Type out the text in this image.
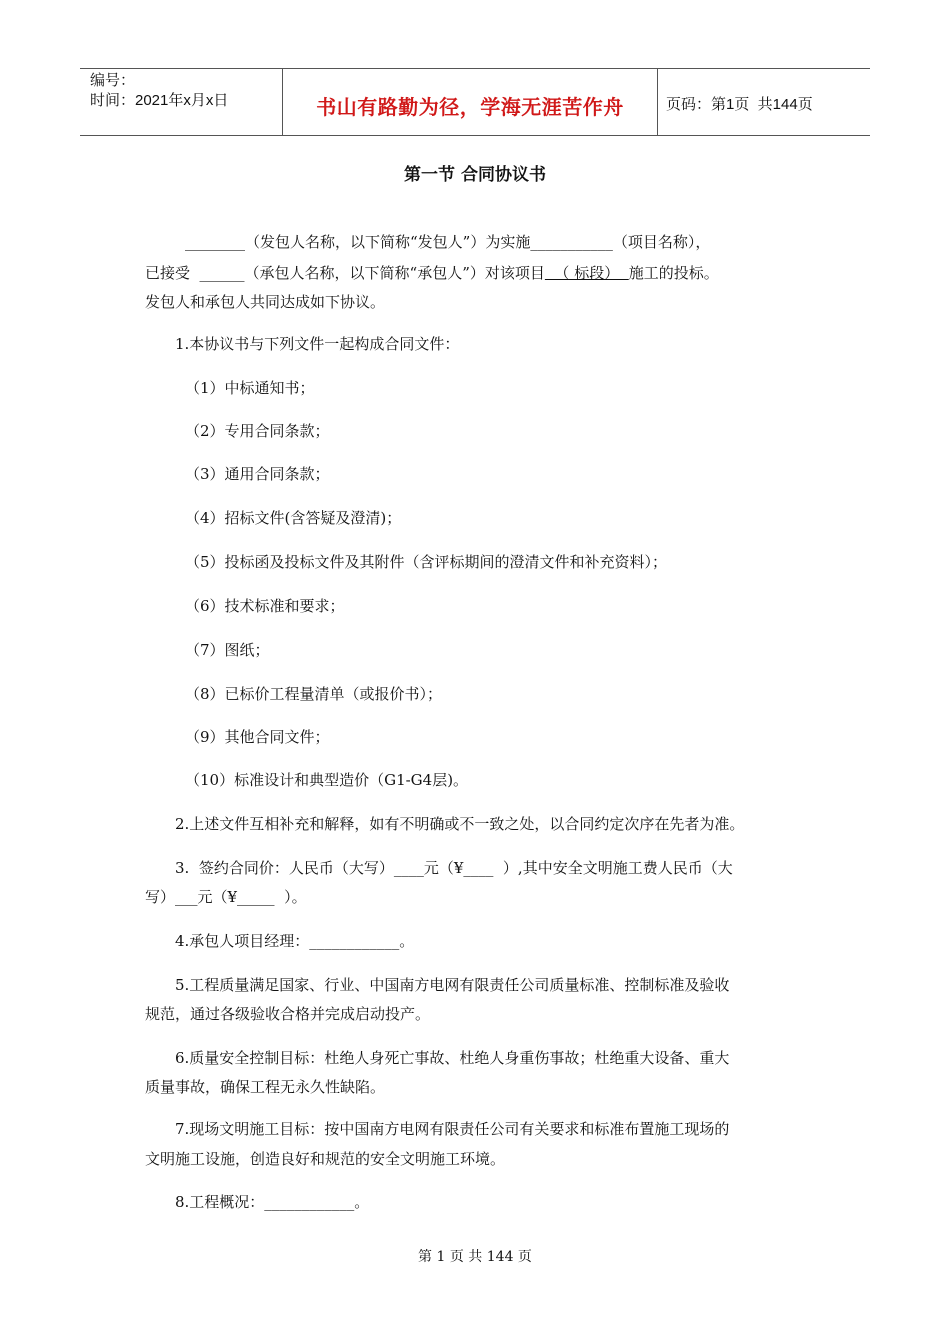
编号：
时间：2021年x月x日	书山有路勤为径，学海无涯苦作舟	页码：第1页  共144页
第一节 合同协议书
________（发包人名称，以下简称“发包人”）为实施___________（项目名称），
已接受  ______（承包人名称，以下简称“承包人”）对该项目  （ 标段）  施工的投标。
发包人和承包人共同达成如下协议。
1.本协议书与下列文件一起构成合同文件：
（1）中标通知书；
（2）专用合同条款；
（3）通用合同条款；
（4）招标文件(含答疑及澄清)；
（5）投标函及投标文件及其附件（含评标期间的澄清文件和补充资料）；
（6）技术标准和要求；
（7）图纸；
（8）已标价工程量清单（或报价书）；
（9）其他合同文件；
（10）标准设计和典型造价（G1-G4层)。
2.上述文件互相补充和解释，如有不明确或不一致之处，以合同约定次序在先者为准。
3.  签约合同价：人民币（大写）____元（¥____  ）,其中安全文明施工费人民币（大
写）___元（¥_____  ）。
4.承包人项目经理：____________。
5.工程质量满足国家、行业、中国南方电网有限责任公司质量标准、控制标准及验收
规范，通过各级验收合格并完成启动投产。
6.质量安全控制目标：杜绝人身死亡事故、杜绝人身重伤事故；杜绝重大设备、重大
质量事故，确保工程无永久性缺陷。
7.现场文明施工目标：按中国南方电网有限责任公司有关要求和标准布置施工现场的
文明施工设施，创造良好和规范的安全文明施工环境。
8.工程概况：____________。
第 1 页 共 144 页
